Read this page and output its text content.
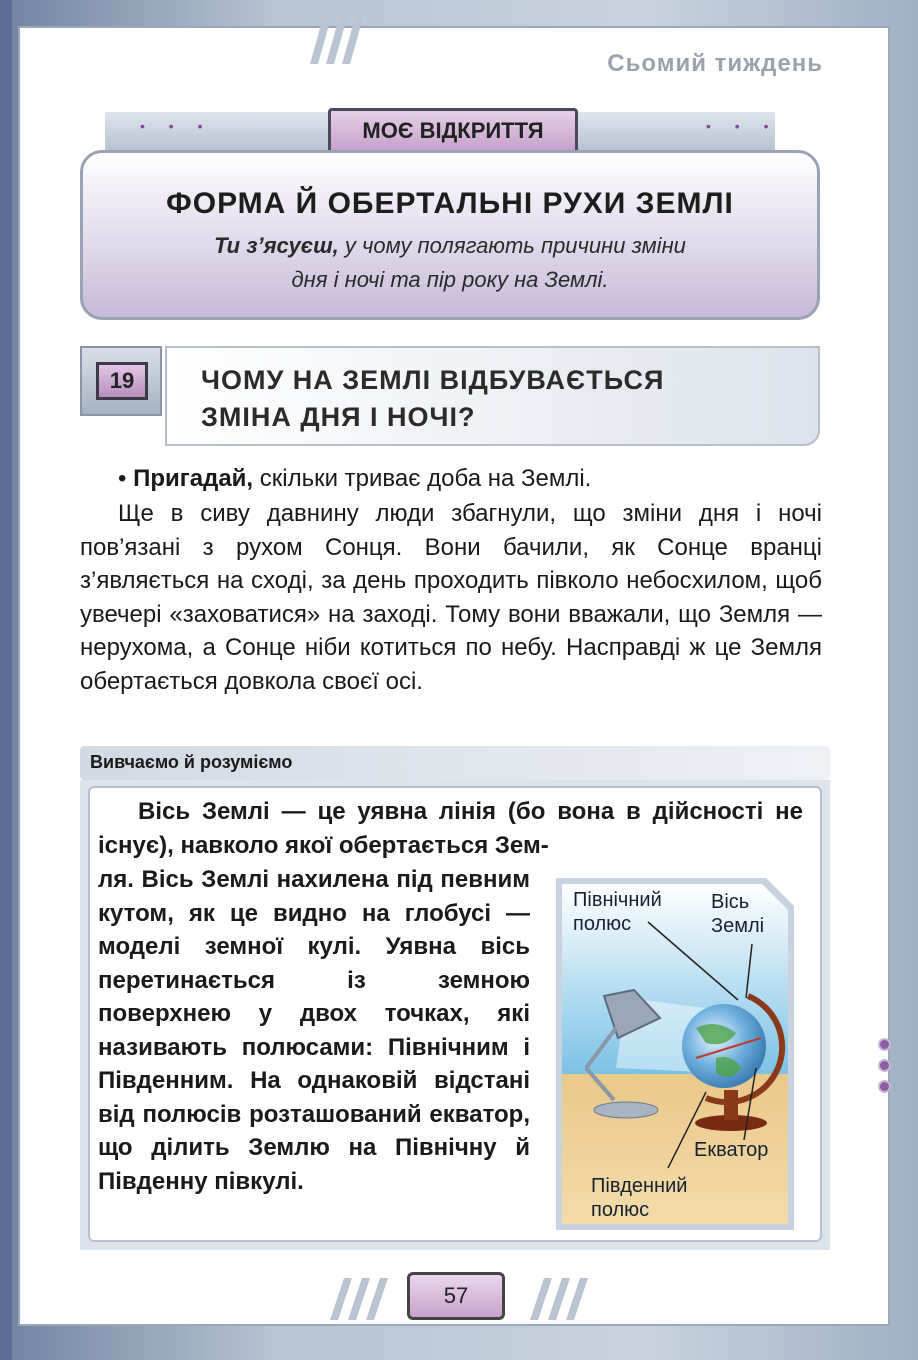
Сьомий тиждень
• • •	• • •
МОЄ ВІДКРИТТЯ
ФОРМА Й ОБЕРТАЛЬНІ РУХИ ЗЕМЛІ
Ти з’ясуєш, у чому полягають причини зміни
дня і ночі та пір року на Землі.
19	ЧОМУ НА ЗЕМЛІ ВІДБУВАЄТЬСЯ
ЗМІНА ДНЯ І НОЧІ?
• Пригадай, скільки триває доба на Землі.
Ще в сиву давнину люди збагнули, що зміни дня і ночі пов’язані з рухом Сонця. Вони бачили, як Сонце вранці з’являється на сході, за день проходить півколо небосхилом, щоб увечері «заховатися» на заході. Тому вони вважали, що Земля — нерухома, а Сонце ніби котиться по небу. Насправді ж це Земля обертається довкола своєї осі.
Вивчаємо й розуміємо
Вісь Землі — це уявна лінія (бо вона в дійсності не існує), навколо якої обертається Зем-
ля. Вісь Землі нахилена під певним кутом, як це видно на глобусі — моделі земної кулі. Уявна вісь перетинається із земною поверхнею у двох точках, які називають полюсами: Північним і Південним. На однаковій відстані від полюсів розташований екватор, що ділить Землю на Північну й Південну півкулі.
Північний
полюс
Вісь
Землі
Екватор
Південний
полюс
57
